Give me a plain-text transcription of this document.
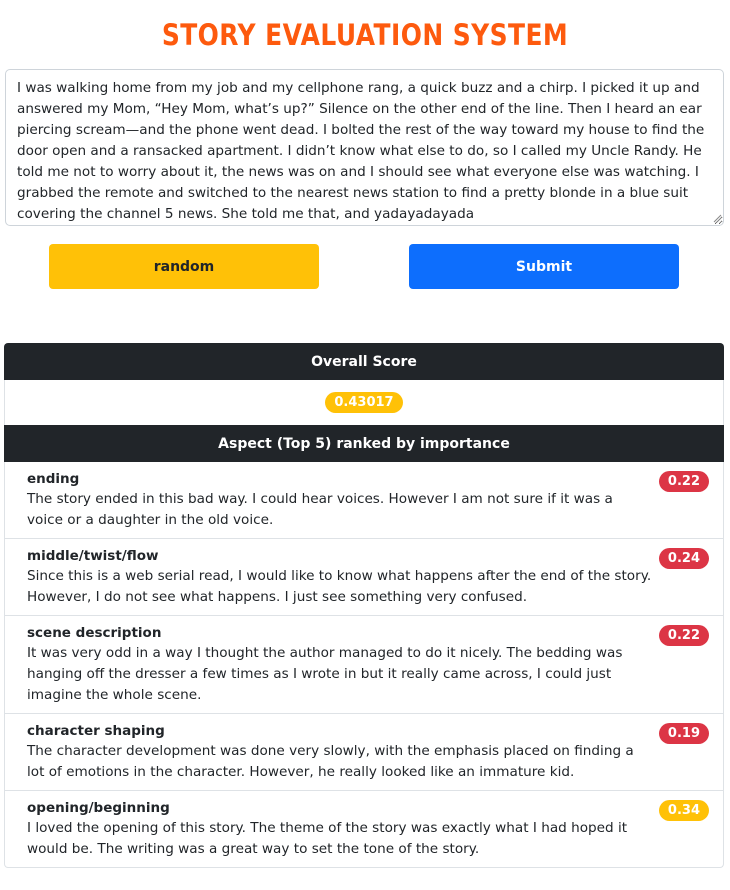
STORY EVALUATION SYSTEM
I was walking home from my job and my cellphone rang, a quick buzz and a chirp. I picked it up and answered my Mom, “Hey Mom, what’s up?” Silence on the other end of the line. Then I heard an ear piercing scream—and the phone went dead. I bolted the rest of the way toward my house to find the door open and a ransacked apartment. I didn’t know what else to do, so I called my Uncle Randy. He told me not to worry about it, the news was on and I should see what everyone else was watching. I grabbed the remote and switched to the nearest news station to find a pretty blonde in a blue suit covering the channel 5 news. She told me that, and yadayadayada
random	Submit
Overall Score
0.43017
Aspect (Top 5) ranked by importance
ending
The story ended in this bad way. I could hear voices. However I am not sure if it was a voice or a daughter in the old voice.
0.22
middle/twist/flow
Since this is a web serial read, I would like to know what happens after the end of the story. However, I do not see what happens. I just see something very confused.
0.24
scene description
It was very odd in a way I thought the author managed to do it nicely. The bedding was hanging off the dresser a few times as I wrote in but it really came across, I could just imagine the whole scene.
0.22
character shaping
The character development was done very slowly, with the emphasis placed on finding a lot of emotions in the character. However, he really looked like an immature kid.
0.19
opening/beginning
I loved the opening of this story. The theme of the story was exactly what I had hoped it would be. The writing was a great way to set the tone of the story.
0.34
